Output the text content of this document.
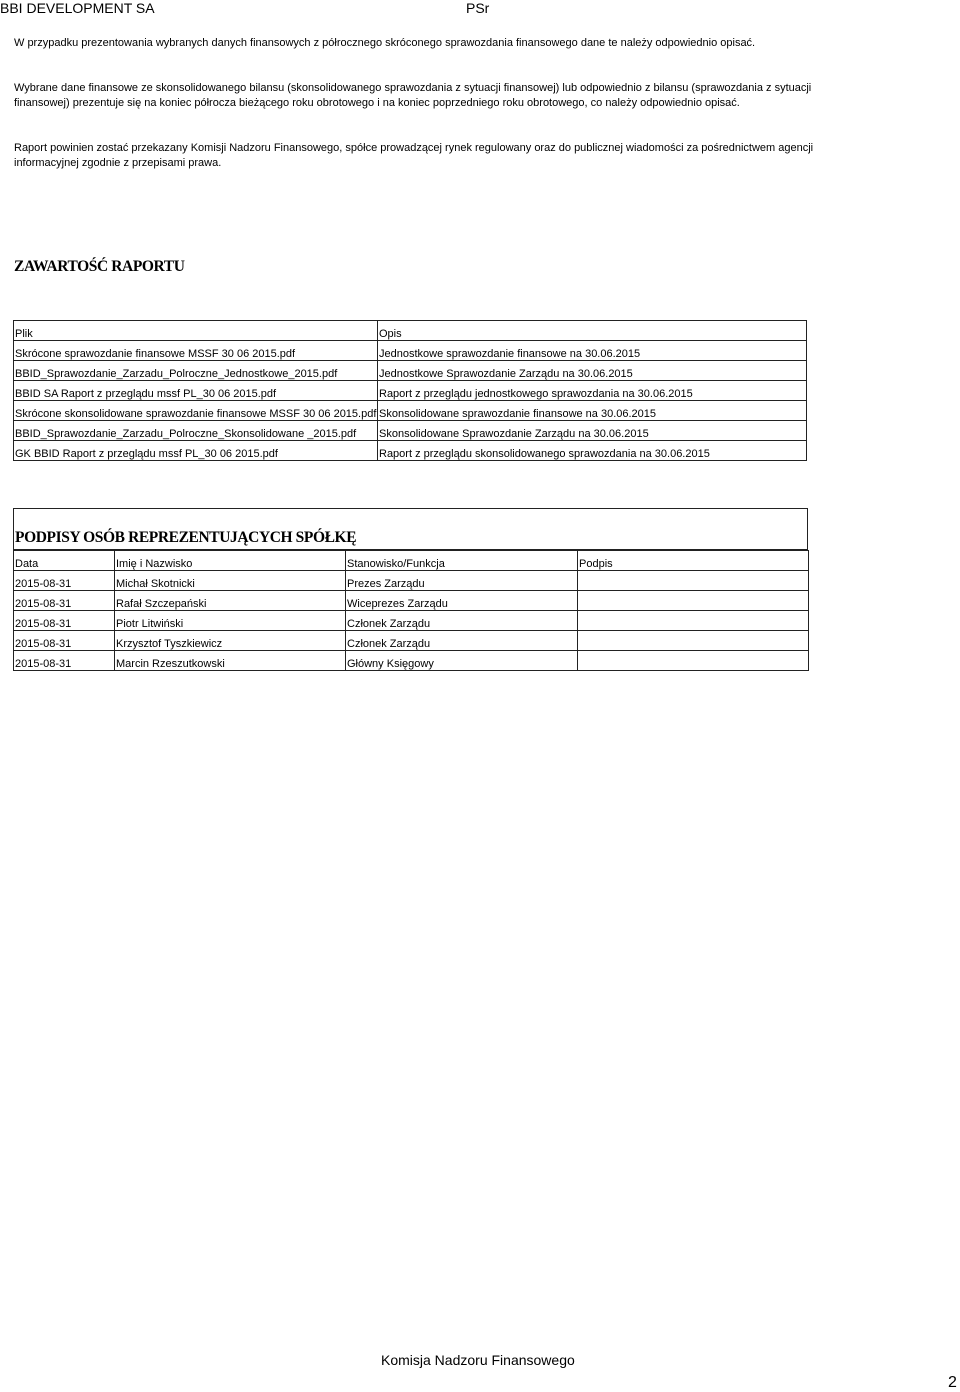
BBI DEVELOPMENT SA	PSr
W przypadku prezentowania wybranych danych finansowych z półrocznego skróconego sprawozdania finansowego dane te należy odpowiednio opisać.
Wybrane dane finansowe ze skonsolidowanego bilansu (skonsolidowanego sprawozdania z sytuacji finansowej) lub odpowiednio z bilansu (sprawozdania z sytuacji finansowej) prezentuje się na koniec półrocza bieżącego roku obrotowego i na koniec poprzedniego roku obrotowego, co należy odpowiednio opisać.
Raport powinien zostać przekazany Komisji Nadzoru Finansowego, spółce prowadzącej rynek regulowany oraz do publicznej wiadomości za pośrednictwem agencji informacyjnej zgodnie z przepisami prawa.
ZAWARTOŚĆ RAPORTU
Plik	Opis
Skrócone sprawozdanie finansowe MSSF 30 06 2015.pdf	Jednostkowe sprawozdanie finansowe na 30.06.2015
BBID_Sprawozdanie_Zarzadu_Polroczne_Jednostkowe_2015.pdf	Jednostkowe Sprawozdanie Zarządu na 30.06.2015
BBID SA Raport z przeglądu mssf PL_30 06 2015.pdf	Raport z przeglądu jednostkowego sprawozdania na 30.06.2015
Skrócone skonsolidowane sprawozdanie finansowe MSSF 30 06 2015.pdf	Skonsolidowane sprawozdanie finansowe na 30.06.2015
BBID_Sprawozdanie_Zarzadu_Polroczne_Skonsolidowane _2015.pdf	Skonsolidowane Sprawozdanie Zarządu na 30.06.2015
GK BBID Raport z przeglądu mssf PL_30 06 2015.pdf	Raport z przeglądu skonsolidowanego sprawozdania na 30.06.2015
PODPISY OSÓB REPREZENTUJĄCYCH SPÓŁKĘ
Data	Imię i Nazwisko	Stanowisko/Funkcja	Podpis
2015-08-31	Michał Skotnicki	Prezes Zarządu	
2015-08-31	Rafał Szczepański	Wiceprezes Zarządu	
2015-08-31	Piotr Litwiński	Członek Zarządu	
2015-08-31	Krzysztof Tyszkiewicz	Członek Zarządu	
2015-08-31	Marcin Rzeszutkowski	Główny Księgowy	
Komisja Nadzoru Finansowego
2
